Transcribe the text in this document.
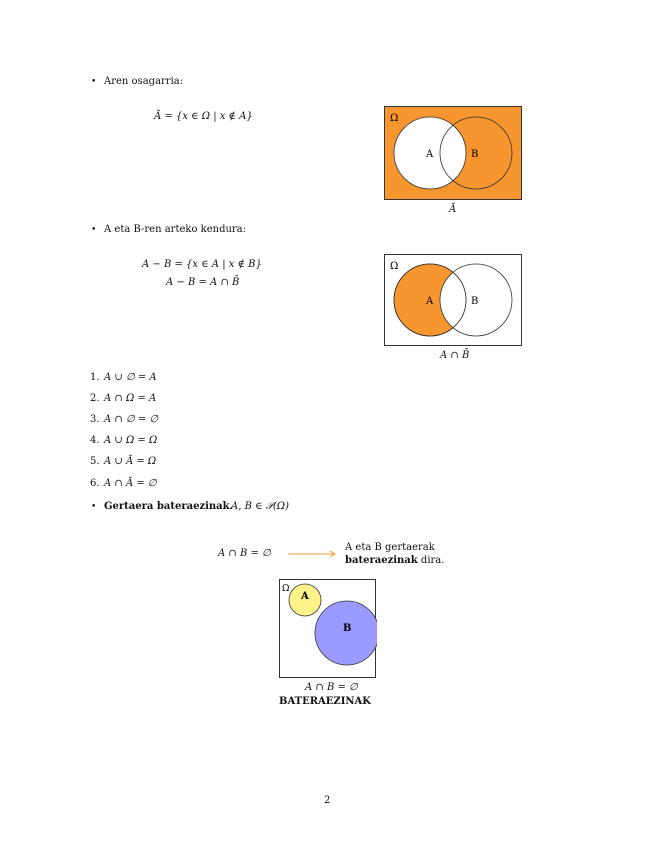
• Aren osagarria:
Ā = {x ∈ Ω | x ∉ A}	Ω
A	B
Ā
• A eta B-ren arteko kendura:
A − B = {x ∈ A | x ∉ B}
A − B = A ∩ B̄
Ω
A	B
A ∩ B̄
1. A ∪ ∅ = A
2. A ∩ Ω = A
3. A ∩ ∅ = ∅
4. A ∪ Ω = Ω
5. A ∪ Ā = Ω
6. A ∩ Ā = ∅
• Gertaera bateraezinak.
A, B ∈ 𝒫(Ω)
A ∩ B = ∅
A eta B gertaerak
bateraezinak dira.
Ω
A
B
A ∩ B = ∅
BATERAEZINAK
2
